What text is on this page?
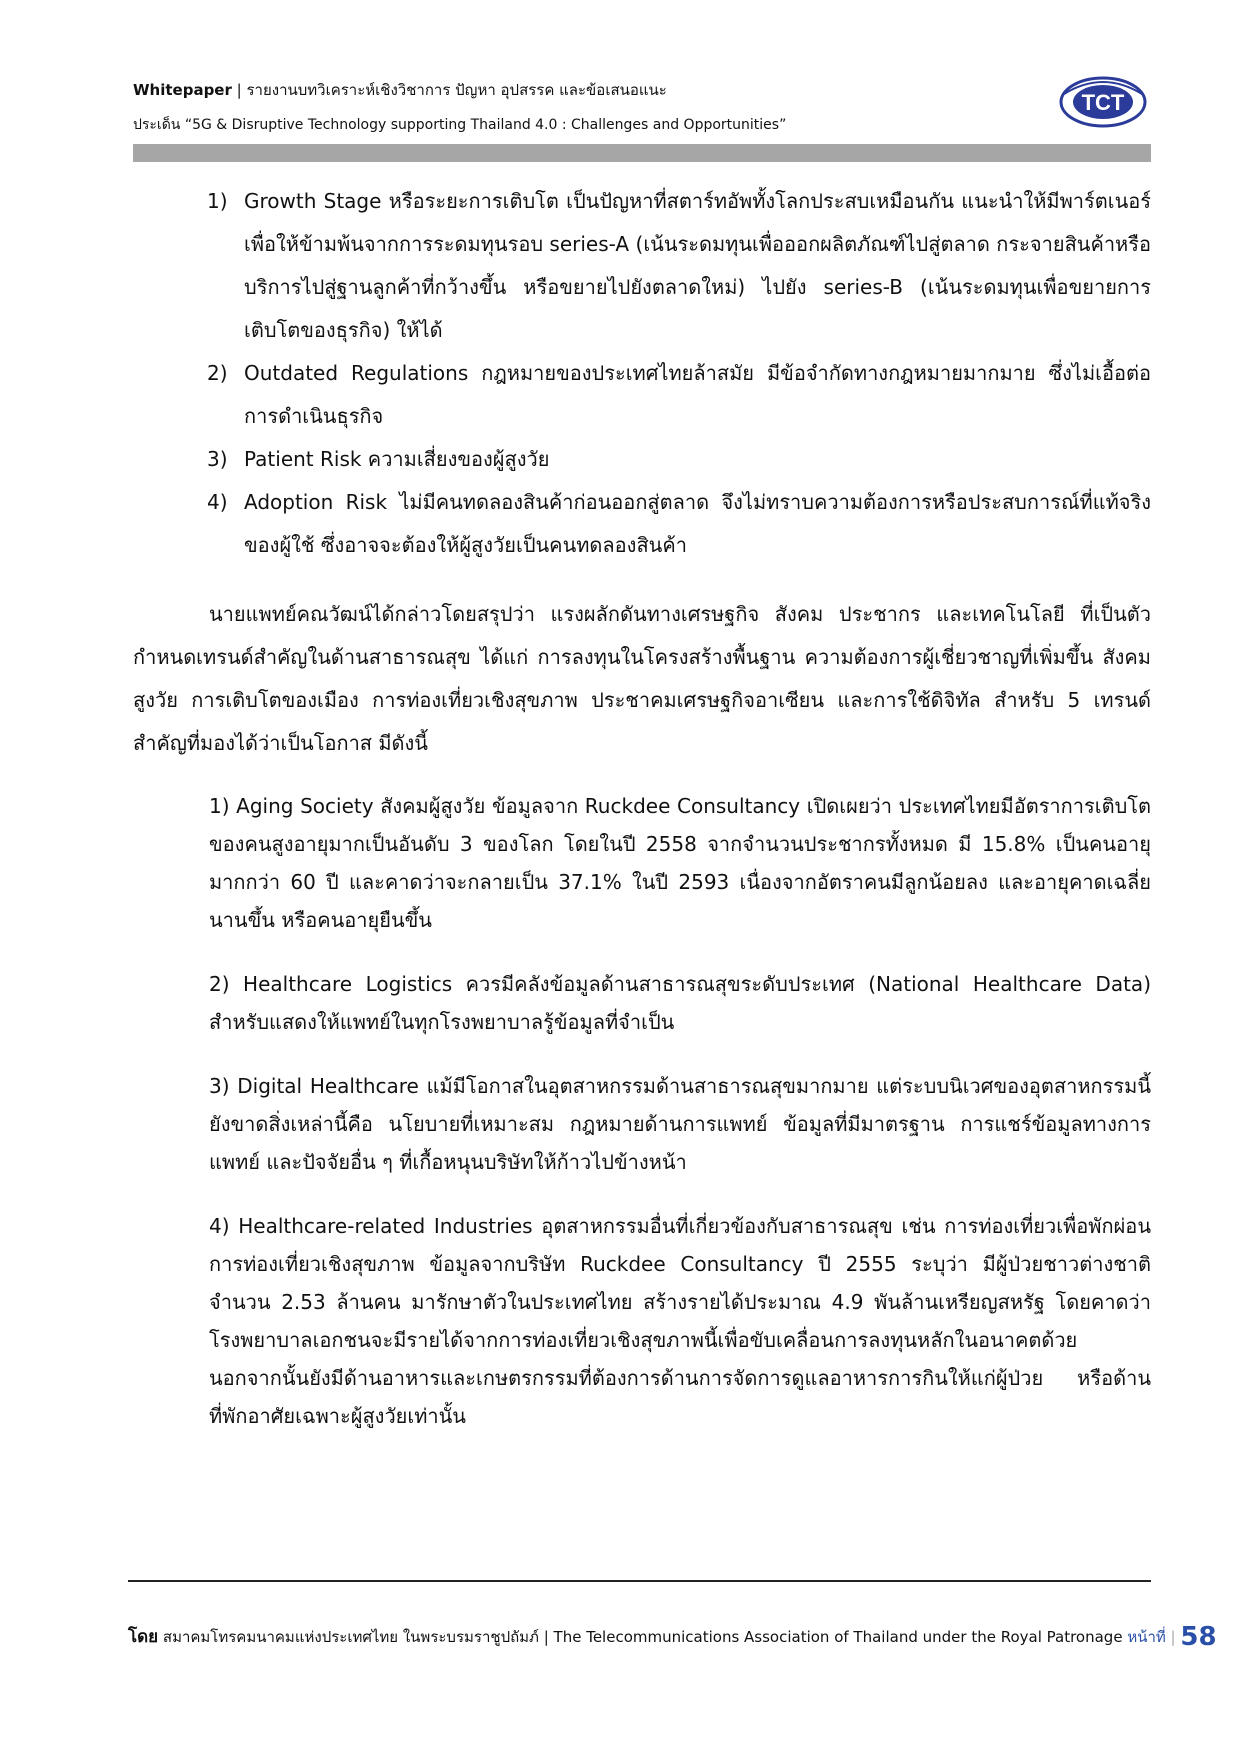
Whitepaper | รายงานบทวิเคราะห์เชิงวิชาการ ปัญหา อุปสรรค และข้อเสนอแนะ
ประเด็น “5G & Disruptive Technology supporting Thailand 4.0 : Challenges and Opportunities”
TCT
1) Growth Stage หรือระยะการเติบโต เป็นปัญหาที่สตาร์ทอัพทั้งโลกประสบเหมือนกัน แนะนำให้มีพาร์ตเนอร์ เพื่อให้ข้ามพ้นจากการระดมทุนรอบ series-A (เน้นระดมทุนเพื่อออกผลิตภัณฑ์ไปสู่ตลาด กระจายสินค้าหรือบริการไปสู่ฐานลูกค้าที่กว้างขึ้น หรือขยายไปยังตลาดใหม่) ไปยัง series-B (เน้นระดมทุนเพื่อขยายการเติบโตของธุรกิจ) ให้ได้
2) Outdated Regulations กฎหมายของประเทศไทยล้าสมัย มีข้อจำกัดทางกฎหมายมากมาย ซึ่งไม่เอื้อต่อการดำเนินธุรกิจ
3) Patient Risk ความเสี่ยงของผู้สูงวัย
4) Adoption Risk ไม่มีคนทดลองสินค้าก่อนออกสู่ตลาด จึงไม่ทราบความต้องการหรือประสบการณ์ที่แท้จริงของผู้ใช้ ซึ่งอาจจะต้องให้ผู้สูงวัยเป็นคนทดลองสินค้า

นายแพทย์คณวัฒน์ได้กล่าวโดยสรุปว่า แรงผลักดันทางเศรษฐกิจ สังคม ประชากร และเทคโนโลยี ที่เป็นตัวกำหนดเทรนด์สำคัญในด้านสาธารณสุข ได้แก่ การลงทุนในโครงสร้างพื้นฐาน ความต้องการผู้เชี่ยวชาญที่เพิ่มขึ้น สังคมสูงวัย การเติบโตของเมือง การท่องเที่ยวเชิงสุขภาพ ประชาคมเศรษฐกิจอาเซียน และการใช้ดิจิทัล สำหรับ 5 เทรนด์สำคัญที่มองได้ว่าเป็นโอกาส มีดังนี้

1) Aging Society สังคมผู้สูงวัย ข้อมูลจาก Ruckdee Consultancy เปิดเผยว่า ประเทศไทยมีอัตราการเติบโตของคนสูงอายุมากเป็นอันดับ 3 ของโลก โดยในปี 2558 จากจำนวนประชากรทั้งหมด มี 15.8% เป็นคนอายุมากกว่า 60 ปี และคาดว่าจะกลายเป็น 37.1% ในปี 2593 เนื่องจากอัตราคนมีลูกน้อยลง และอายุคาดเฉลี่ยนานขึ้น หรือคนอายุยืนขึ้น

2) Healthcare Logistics ควรมีคลังข้อมูลด้านสาธารณสุขระดับประเทศ (National Healthcare Data) สำหรับแสดงให้แพทย์ในทุกโรงพยาบาลรู้ข้อมูลที่จำเป็น

3) Digital Healthcare แม้มีโอกาสในอุตสาหกรรมด้านสาธารณสุขมากมาย แต่ระบบนิเวศของอุตสาหกรรมนี้ยังขาดสิ่งเหล่านี้คือ นโยบายที่เหมาะสม กฎหมายด้านการแพทย์ ข้อมูลที่มีมาตรฐาน การแชร์ข้อมูลทางการแพทย์ และปัจจัยอื่น ๆ ที่เกื้อหนุนบริษัทให้ก้าวไปข้างหน้า

4) Healthcare-related Industries อุตสาหกรรมอื่นที่เกี่ยวข้องกับสาธารณสุข เช่น การท่องเที่ยวเพื่อพักผ่อน การท่องเที่ยวเชิงสุขภาพ ข้อมูลจากบริษัท Ruckdee Consultancy ปี 2555 ระบุว่า มีผู้ป่วยชาวต่างชาติจำนวน 2.53 ล้านคน มารักษาตัวในประเทศไทย สร้างรายได้ประมาณ 4.9 พันล้านเหรียญสหรัฐ โดยคาดว่าโรงพยาบาลเอกชนจะมีรายได้จากการท่องเที่ยวเชิงสุขภาพนี้เพื่อขับเคลื่อนการลงทุนหลักในอนาคตด้วย นอกจากนั้นยังมีด้านอาหารและเกษตรกรรมที่ต้องการด้านการจัดการดูแลอาหารการกินให้แก่ผู้ป่วย หรือด้านที่พักอาศัยเฉพาะผู้สูงวัยเท่านั้น

โดย สมาคมโทรคมนาคมแห่งประเทศไทย ในพระบรมราชูปถัมภ์ | The Telecommunications Association of Thailand under the Royal Patronage หน้าที่ | 58
